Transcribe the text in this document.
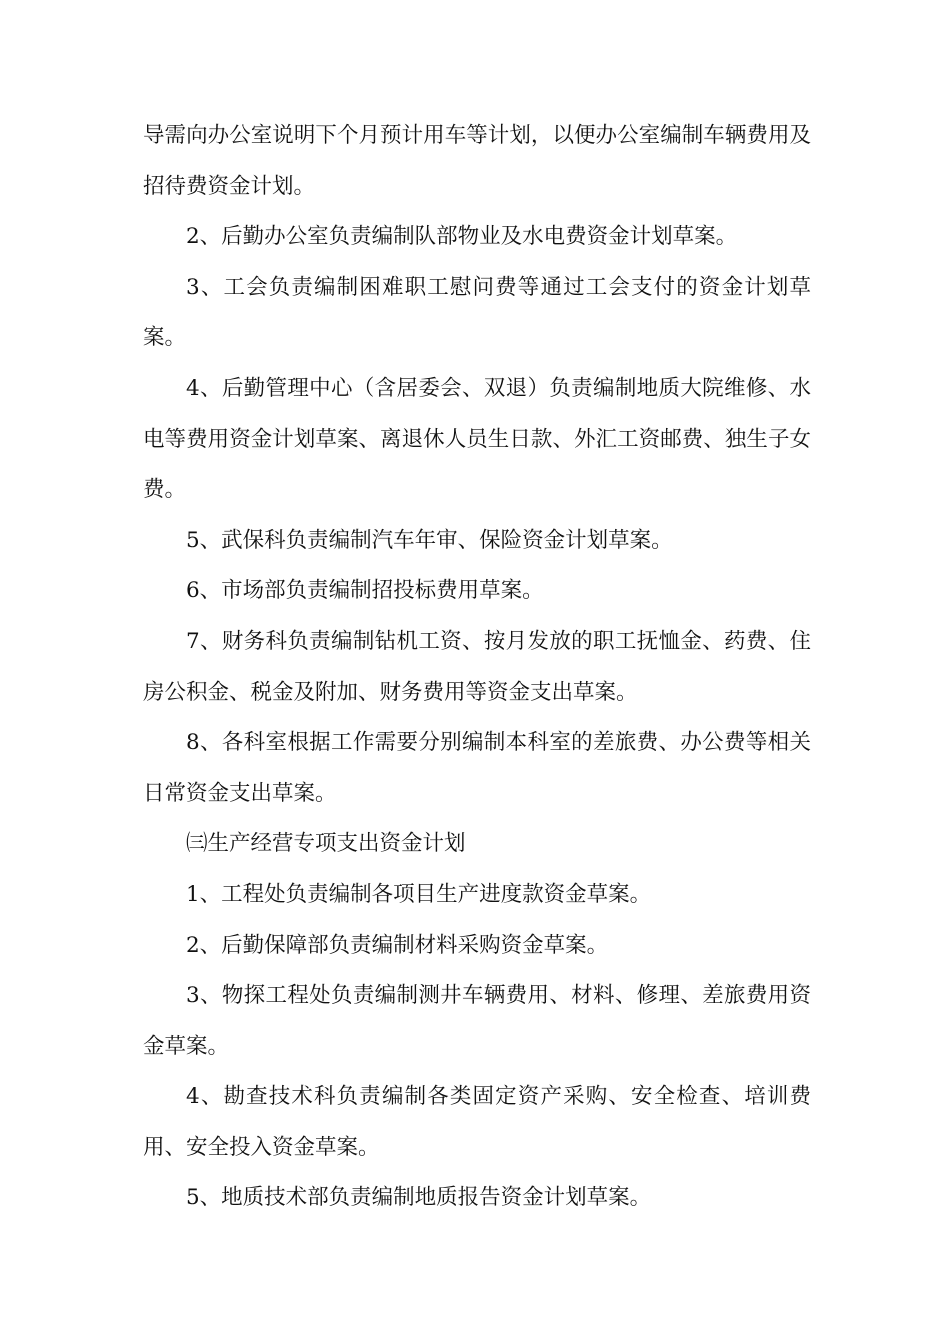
导需向办公室说明下个月预计用车等计划，以便办公室编制车辆费用及招待费资金计划。

2、后勤办公室负责编制队部物业及水电费资金计划草案。

3、工会负责编制困难职工慰问费等通过工会支付的资金计划草案。

4、后勤管理中心（含居委会、双退）负责编制地质大院维修、水电等费用资金计划草案、离退休人员生日款、外汇工资邮费、独生子女费。

5、武保科负责编制汽车年审、保险资金计划草案。

6、市场部负责编制招投标费用草案。

7、财务科负责编制钻机工资、按月发放的职工抚恤金、药费、住房公积金、税金及附加、财务费用等资金支出草案。

8、各科室根据工作需要分别编制本科室的差旅费、办公费等相关日常资金支出草案。

㈢生产经营专项支出资金计划

1、工程处负责编制各项目生产进度款资金草案。

2、后勤保障部负责编制材料采购资金草案。

3、物探工程处负责编制测井车辆费用、材料、修理、差旅费用资金草案。

4、勘查技术科负责编制各类固定资产采购、安全检查、培训费用、安全投入资金草案。

5、地质技术部负责编制地质报告资金计划草案。
